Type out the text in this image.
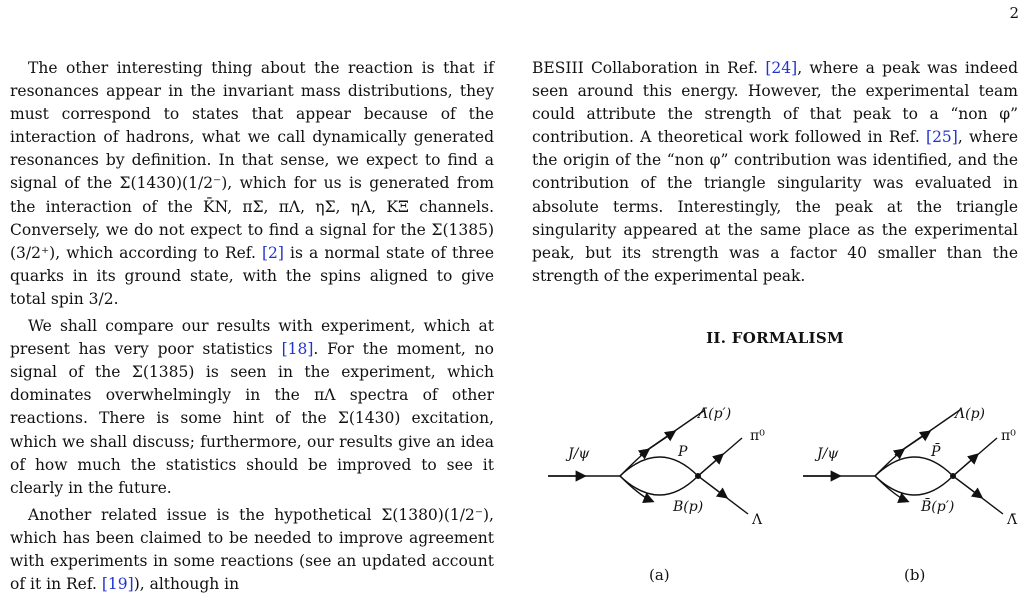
2

The other interesting thing about the reaction is that if resonances appear in the invariant mass distributions, they must correspond to states that appear because of the interaction of hadrons, what we call dynamically generated resonances by definition. In that sense, we expect to find a signal of the Σ(1430)(1/2⁻), which for us is generated from the interaction of the K̄N, πΣ, πΛ, ηΣ, ηΛ, KΞ channels. Conversely, we do not expect to find a signal for the Σ(1385)(3/2⁺), which according to Ref. [2] is a normal state of three quarks in its ground state, with the spins aligned to give total spin 3/2.

We shall compare our results with experiment, which at present has very poor statistics [18]. For the moment, no signal of the Σ(1385) is seen in the experiment, which dominates overwhelmingly in the πΛ spectra of other reactions. There is some hint of the Σ(1430) excitation, which we shall discuss; furthermore, our results give an idea of how much the statistics should be improved to see it clearly in the future.

Another related issue is the hypothetical Σ(1380)(1/2⁻), which has been claimed to be needed to improve agreement with experiments in some reactions (see an updated account of it in Ref. [19]), although in

BESIII Collaboration in Ref. [24], where a peak was indeed seen around this energy. However, the experimental team could attribute the strength of that peak to a “non φ” contribution. A theoretical work followed in Ref. [25], where the origin of the “non φ” contribution was identified, and the contribution of the triangle singularity was evaluated in absolute terms. Interestingly, the peak at the triangle singularity appeared at the same place as the experimental peak, but its strength was a factor 40 smaller than the strength of the experimental peak.

II. FORMALISM
J/ψ
Λ̄(p′)
P
B(p)
π⁰
Λ
(a)
J/ψ
Λ(p)
P̄
B̄(p′)
π⁰
Λ̄
(b)
